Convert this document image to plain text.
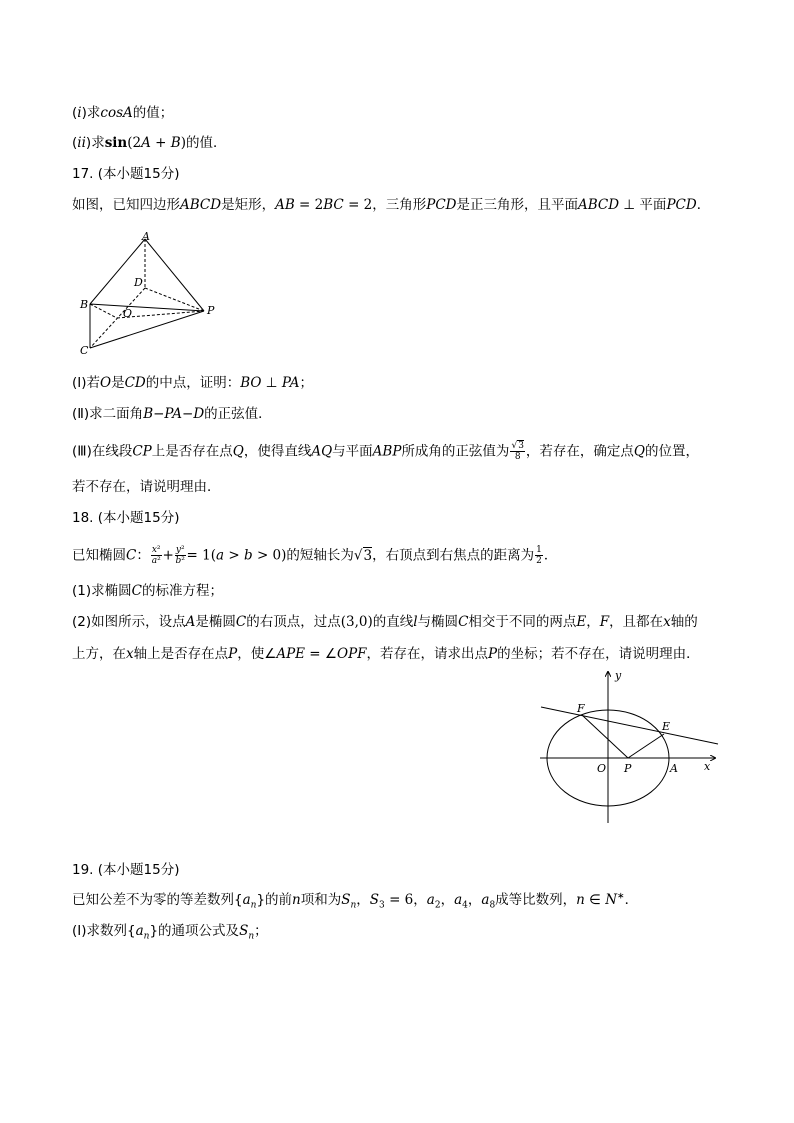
(i)求cosA的值；
(ii)求sin(2A + B)的值．
17. (本小题15分)
如图，已知四边形ABCD是矩形，AB = 2BC = 2，三角形PCD是正三角形，且平面ABCD ⊥ 平面PCD．
A
B
C
D
O	P
(Ⅰ)若O是CD的中点，证明：BO ⊥ PA；
(Ⅱ)求二面角B−PA−D的正弦值．
(Ⅲ)在线段CP上是否存在点Q，使得直线AQ与平面ABP所成角的正弦值为 $\frac{√3}{8}$ ，若存在，确定点Q的位置，
若不存在，请说明理由．
18. (本小题15分)
已知椭圆C： $\frac{\text{x²}}{\text{a²}} + \frac{\text{y²}}{\text{b²}} = 1(a > b > 0)$的短轴长为√3，右顶点到右焦点的距离为 $\frac{1}{2}$ ．
(1)求椭圆C的标准方程；
(2)如图所示，设点A是椭圆C的右顶点，过点(3,0)的直线l与椭圆C相交于不同的两点E，F，且都在x轴的
上方，在x轴上是否存在点P，使∠APE = ∠OPF，若存在，请求出点P的坐标；若不存在，请说明理由．
F
E
O P	A x
y
19. (本小题15分)
已知公差不为零的等差数列$\{a_n\}$的前n项和为$S_n$，$S_3 = 6$，$a_2$，$a_4$，$a_8$成等比数列，n ∈ N∗．
(Ⅰ)求数列$\{a_n\}$的通项公式及$S_n$；
